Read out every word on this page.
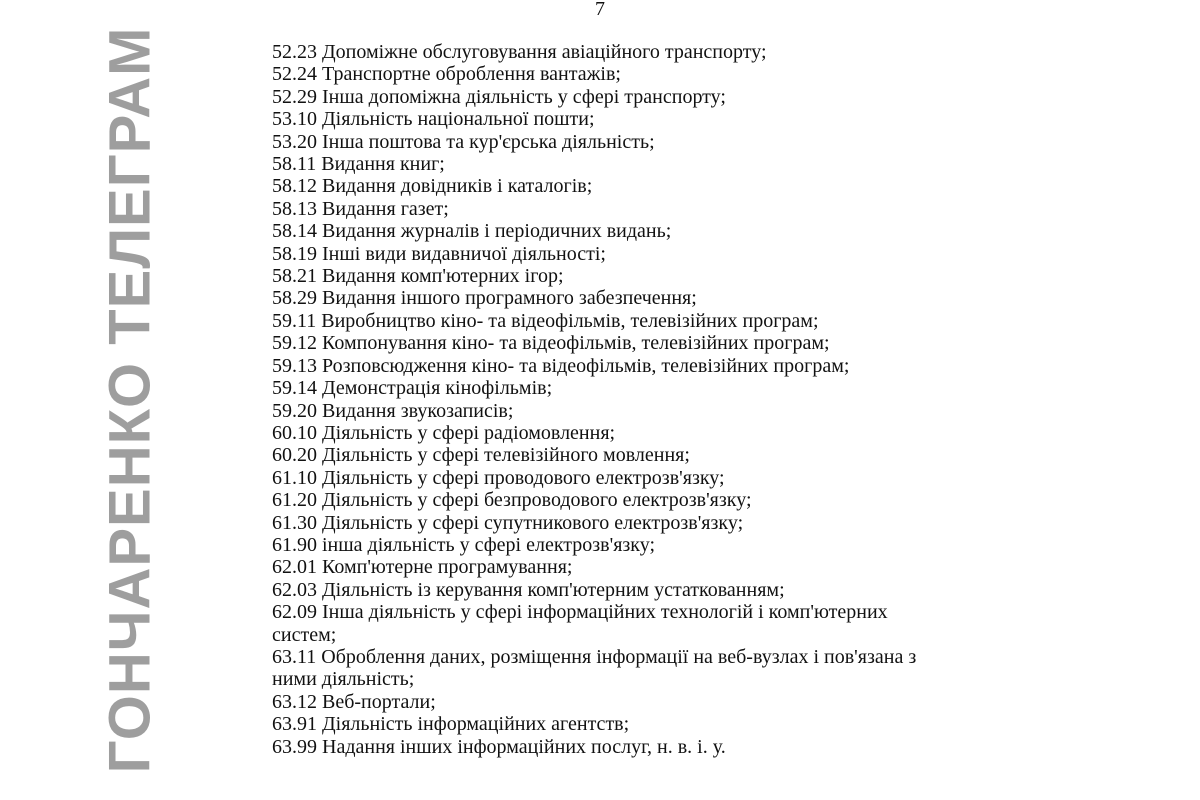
7
52.23 Допоміжне обслуговування авіаційного транспорту;
52.24 Транспортне оброблення вантажів;
52.29 Інша допоміжна діяльність у сфері транспорту;
53.10 Діяльність національної пошти;
53.20 Інша поштова та кур'єрська діяльність;
58.11 Видання книг;
58.12 Видання довідників і каталогів;
58.13 Видання газет;
58.14 Видання журналів і періодичних видань;
58.19 Інші види видавничої діяльності;
58.21 Видання комп'ютерних ігор;
58.29 Видання іншого програмного забезпечення;
59.11 Виробництво кіно- та відеофільмів, телевізійних програм;
59.12 Компонування кіно- та відеофільмів, телевізійних програм;
59.13 Розповсюдження кіно- та відеофільмів, телевізійних програм;
59.14 Демонстрація кінофільмів;
59.20 Видання звукозаписів;
60.10 Діяльність у сфері радіомовлення;
60.20 Діяльність у сфері телевізійного мовлення;
61.10 Діяльність у сфері проводового електрозв'язку;
61.20 Діяльність у сфері безпроводового електрозв'язку;
61.30 Діяльність у сфері супутникового електрозв'язку;
61.90 інша діяльність у сфері електрозв'язку;
62.01 Комп'ютерне програмування;
62.03 Діяльність із керування комп'ютерним устаткованням;
62.09 Інша діяльність у сфері інформаційних технологій і комп'ютерних систем;
63.11 Оброблення даних, розміщення інформації на веб-вузлах і пов'язана з ними діяльність;
63.12 Веб-портали;
63.91 Діяльність інформаційних агентств;
63.99 Надання інших інформаційних послуг, н. в. і. у.
ГОНЧАРЕНКО ТЕЛЕГРАМ
